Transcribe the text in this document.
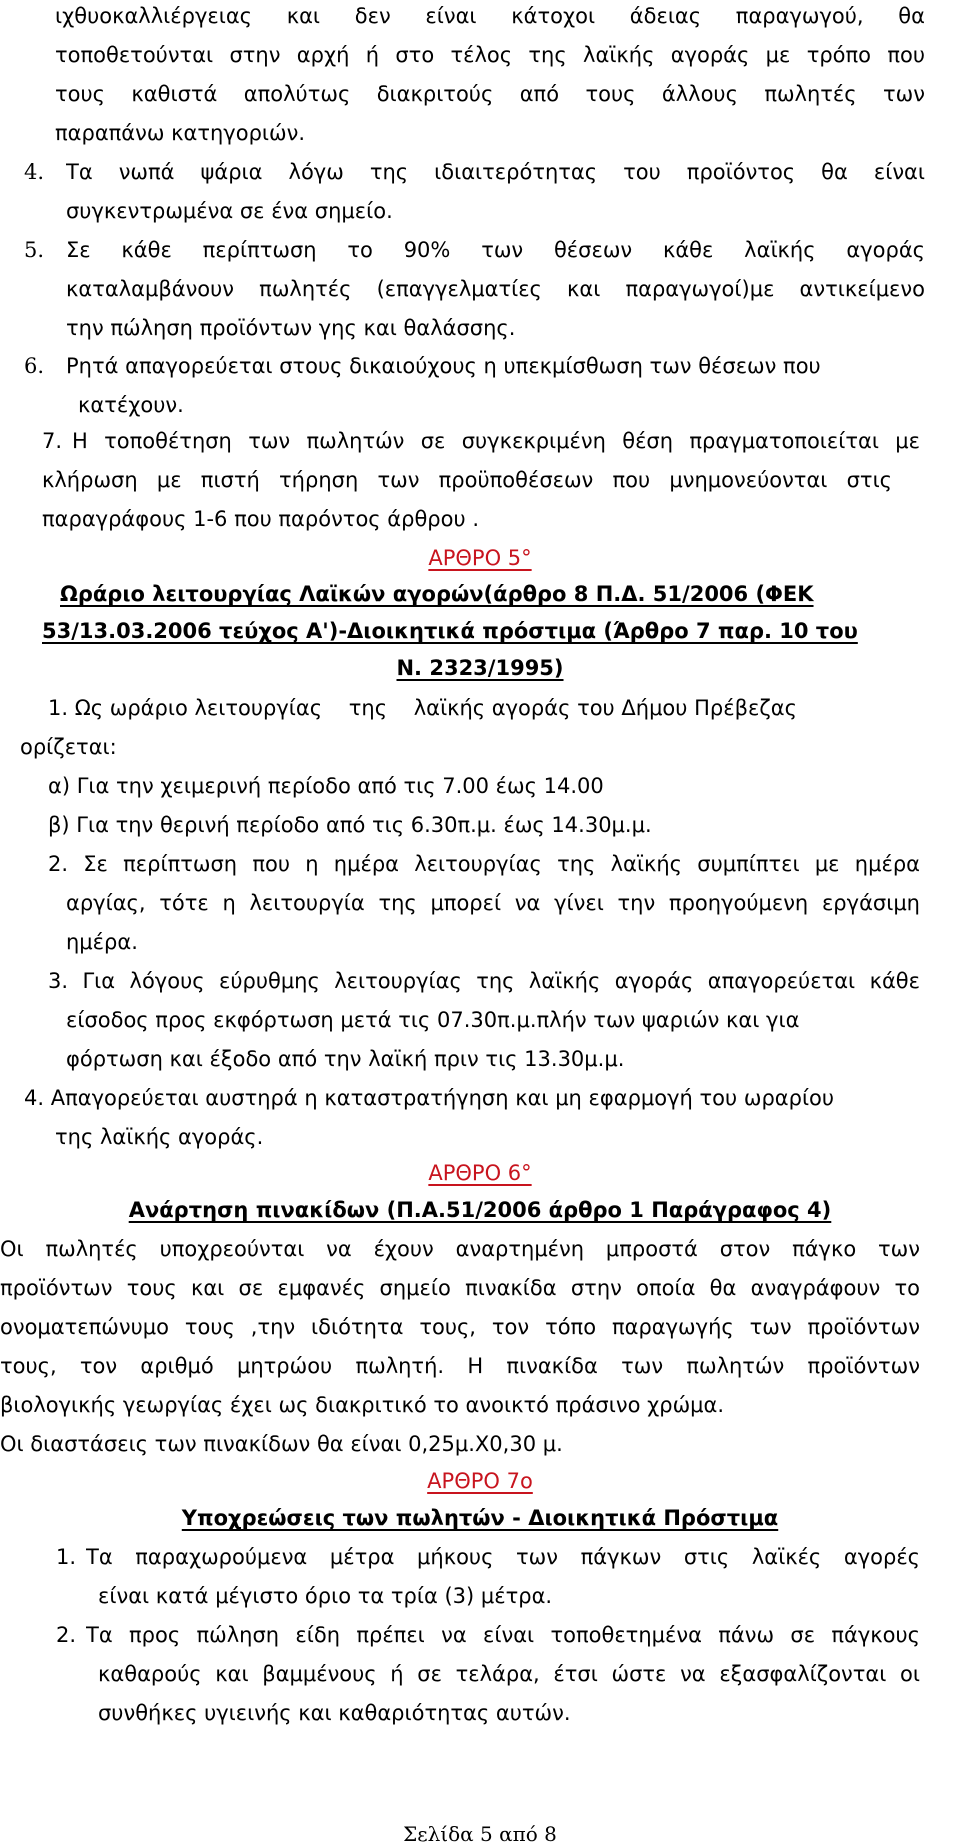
ιχθυοκαλλιέργειας και δεν είναι κάτοχοι άδειας παραγωγού, θα
τοποθετούνται στην αρχή ή στο τέλος της λαϊκής αγοράς με τρόπο που
τους καθιστά απολύτως διακριτούς από τους άλλους πωλητές των
παραπάνω κατηγοριών.
4.	Τα νωπά ψάρια λόγω της ιδιαιτερότητας του προϊόντος θα είναι
συγκεντρωμένα σε ένα σημείο.
5.	Σε κάθε περίπτωση το 90% των θέσεων κάθε λαϊκής αγοράς
καταλαμβάνουν πωλητές (επαγγελματίες και παραγωγοί)με αντικείμενο
την πώληση προϊόντων γης και θαλάσσης.
6.	Ρητά απαγορεύεται στους δικαιούχους η υπεκμίσθωση των θέσεων που
κατέχουν.
7. Η τοποθέτηση των πωλητών σε συγκεκριμένη θέση πραγματοποιείται με
κλήρωση με πιστή τήρηση των προϋποθέσεων που μνημονεύονται στις
παραγράφους 1-6 που παρόντος άρθρου .
ΑΡΘΡΟ 5°
Ωράριο λειτουργίας Λαϊκών αγορών(άρθρο 8 Π.Δ. 51/2006 (ΦΕΚ
53/13.03.2006 τεύχος Α')-Διοικητικά πρόστιμα (Άρθρο 7 παρ. 10 του
Ν. 2323/1995)
1. Ως ωράριο λειτουργίας    της    λαϊκής αγοράς του Δήμου Πρέβεζας
ορίζεται:
α) Για την χειμερινή περίοδο από τις 7.00 έως 14.00
β) Για την θερινή περίοδο από τις 6.30π.μ. έως 14.30μ.μ.
2. Σε περίπτωση που η ημέρα λειτουργίας της λαϊκής συμπίπτει με ημέρα
αργίας, τότε η λειτουργία της μπορεί να γίνει την προηγούμενη εργάσιμη
ημέρα.
3. Για λόγους εύρυθμης λειτουργίας της λαϊκής αγοράς απαγορεύεται κάθε
είσοδος προς εκφόρτωση μετά τις 07.30π.μ.πλήν των ψαριών και για
φόρτωση και έξοδο από την λαϊκή πριν τις 13.30μ.μ.
4. Απαγορεύεται αυστηρά η καταστρατήγηση και μη εφαρμογή του ωραρίου
της λαϊκής αγοράς.
ΑΡΘΡΟ 6°
Ανάρτηση πινακίδων (Π.Α.51/2006 άρθρο 1 Παράγραφος 4)
Οι πωλητές υποχρεούνται να έχουν αναρτημένη μπροστά στον πάγκο των
προϊόντων τους και σε εμφανές σημείο πινακίδα στην οποία θα αναγράφουν το
ονοματεπώνυμο τους ,την ιδιότητα τους, τον τόπο παραγωγής των προϊόντων
τους, τον αριθμό μητρώου πωλητή. Η πινακίδα των πωλητών προϊόντων
βιολογικής γεωργίας έχει ως διακριτικό το ανοικτό πράσινο χρώμα.
Οι διαστάσεις των πινακίδων θα είναι 0,25μ.Χ0,30 μ.
ΑΡΘΡΟ 7ο
Υποχρεώσεις των πωλητών - Διοικητικά Πρόστιμα
1. Τα παραχωρούμενα μέτρα μήκους των πάγκων στις λαϊκές αγορές
είναι κατά μέγιστο όριο τα τρία (3) μέτρα.
2. Τα προς πώληση είδη πρέπει να είναι τοποθετημένα πάνω σε πάγκους
καθαρούς και βαμμένους ή σε τελάρα, έτσι ώστε να εξασφαλίζονται οι
συνθήκες υγιεινής και καθαριότητας αυτών.
Σελίδα 5 από 8
